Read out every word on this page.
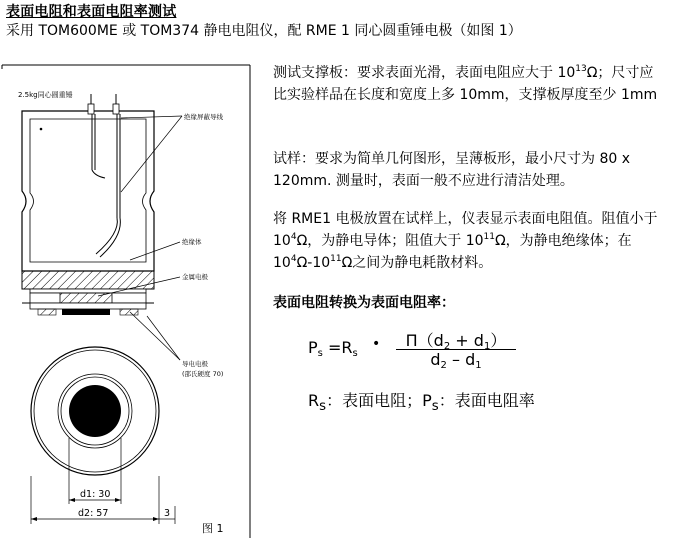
表面电阻和表面电阻率测试
采用 TOM600ME 或 TOM374 静电电阻仪，配 RME 1 同心圆重锤电极（如图 1）
2.5kg同心圆重锤
绝缘屏蔽导线
绝缘体
金属电极
导电电极
(邵氏硬度 70)
d1: 30
d2: 57	3
图 1
测试支撑板：要求表面光滑，表面电阻应大于 $10^{13}\Omega$；尺寸应比实验样品在长度和宽度上多 10mm，支撑板厚度至少 1mm
试样：要求为简单几何图形，呈薄板形，最小尺寸为 80 x 120mm. 测量时，表面一般不应进行清洁处理。
将 RME1 电极放置在试样上，仪表显示表面电阻值。阻值小于 $10^4\Omega$，为静电导体；阻值大于 $10^{11}\Omega$，为静电绝缘体；在 $10^4\Omega-10^{11}\Omega$之间为静电耗散材料。
表面电阻转换为表面电阻率：
$P_s =R_s$
•	$\Pi(d_2 + d_1)$
$d_2 - d_1$
$R_s$：表面电阻；$P_s$：表面电阻率
